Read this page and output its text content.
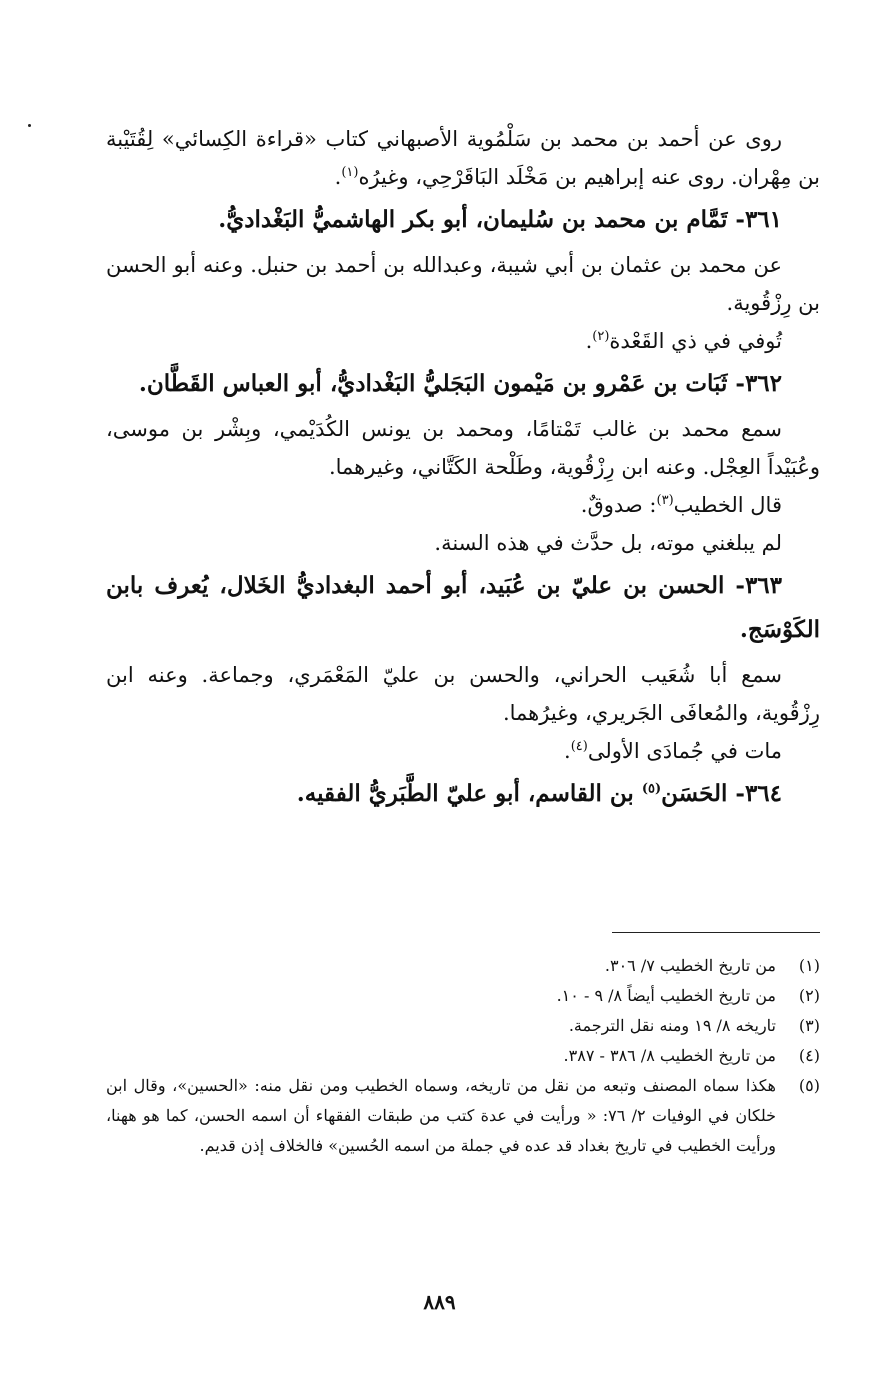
روى عن أحمد بن محمد بن سَلْمُوية الأصبهاني كتاب «قراءة الكِسائي» لِقُتَيْبة بن مِهْران. روى عنه إبراهيم بن مَخْلَد البَاقَرْحِي، وغيرُه$^{(١)}$.

٣٦١- تَمَّام بن محمد بن سُليمان، أبو بكر الهاشميُّ البَغْداديُّ.

عن محمد بن عثمان بن أبي شيبة، وعبدالله بن أحمد بن حنبل. وعنه أبو الحسن بن رِزْقُوية.

تُوفي في ذي القَعْدة$^{(٢)}$.

٣٦٢- ثَبَات بن عَمْرو بن مَيْمون البَجَليُّ البَغْداديُّ، أبو العباس القَطَّان.

سمع محمد بن غالب تَمْتامًا، ومحمد بن يونس الكُدَيْمي، وبِشْر بن موسى، وعُبَيْداً العِجْل. وعنه ابن رِزْقُوية، وطَلْحة الكَتَّاني، وغيرهما.

قال الخطيب$^{(٣)}$: صدوقٌ.

لم يبلغني موته، بل حدَّث في هذه السنة.

٣٦٣- الحسن بن عليّ بن عُبَيد، أبو أحمد البغداديُّ الخَلال، يُعرف بابن الكَوْسَج.

سمع أبا شُعَيب الحراني، والحسن بن عليّ المَعْمَري، وجماعة. وعنه ابن رِزْقُوية، والمُعافَى الجَريري، وغيرُهما.

مات في جُمادَى الأولى$^{(٤)}$.

٣٦٤- الحَسَن$^{(٥)}$ بن القاسم، أبو عليّ الطَّبَريُّ الفقيه.
(١)
من تاريخ الخطيب ٧/ ٣٠٦.
(٢)
من تاريخ الخطيب أيضاً ٨/ ٩ - ١٠.
(٣)
تاريخه ٨/ ١٩ ومنه نقل الترجمة.
(٤)
من تاريخ الخطيب ٨/ ٣٨٦ - ٣٨٧.
(٥)
هكذا سماه المصنف وتبعه من نقل من تاريخه، وسماه الخطيب ومن نقل منه: «الحسين»، وقال ابن خلكان في الوفيات ٢/ ٧٦: « ورأيت في عدة كتب من طبقات الفقهاء أن اسمه الحسن، كما هو ههنا، ورأيت الخطيب في تاريخ بغداد قد عده في جملة من اسمه الحُسين» فالخلاف إذن قديم.
٨٨٩
